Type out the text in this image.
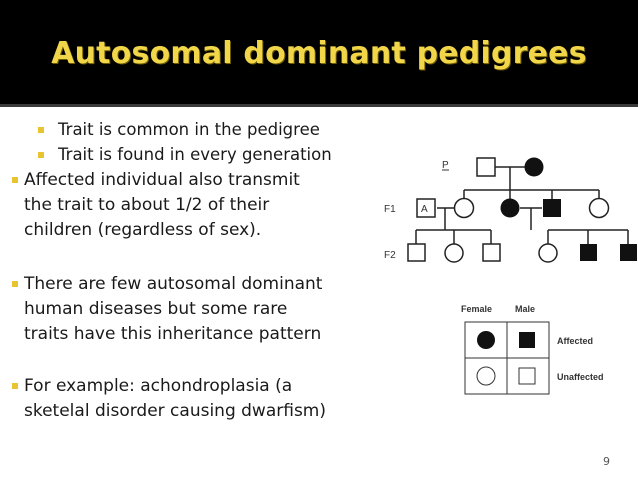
Autosomal dominant pedigrees
Trait is common in the pedigree
Trait is found in every generation
Affected individual also transmit
the trait to about 1/2 of their
children (regardless of sex).
There are few autosomal dominant
human diseases but some rare
traits have this inheritance pattern
For example: achondroplasia (a
sketelal disorder causing dwarfism)
P
F1	A
F2
Female	Male
Affected
Unaffected
9
